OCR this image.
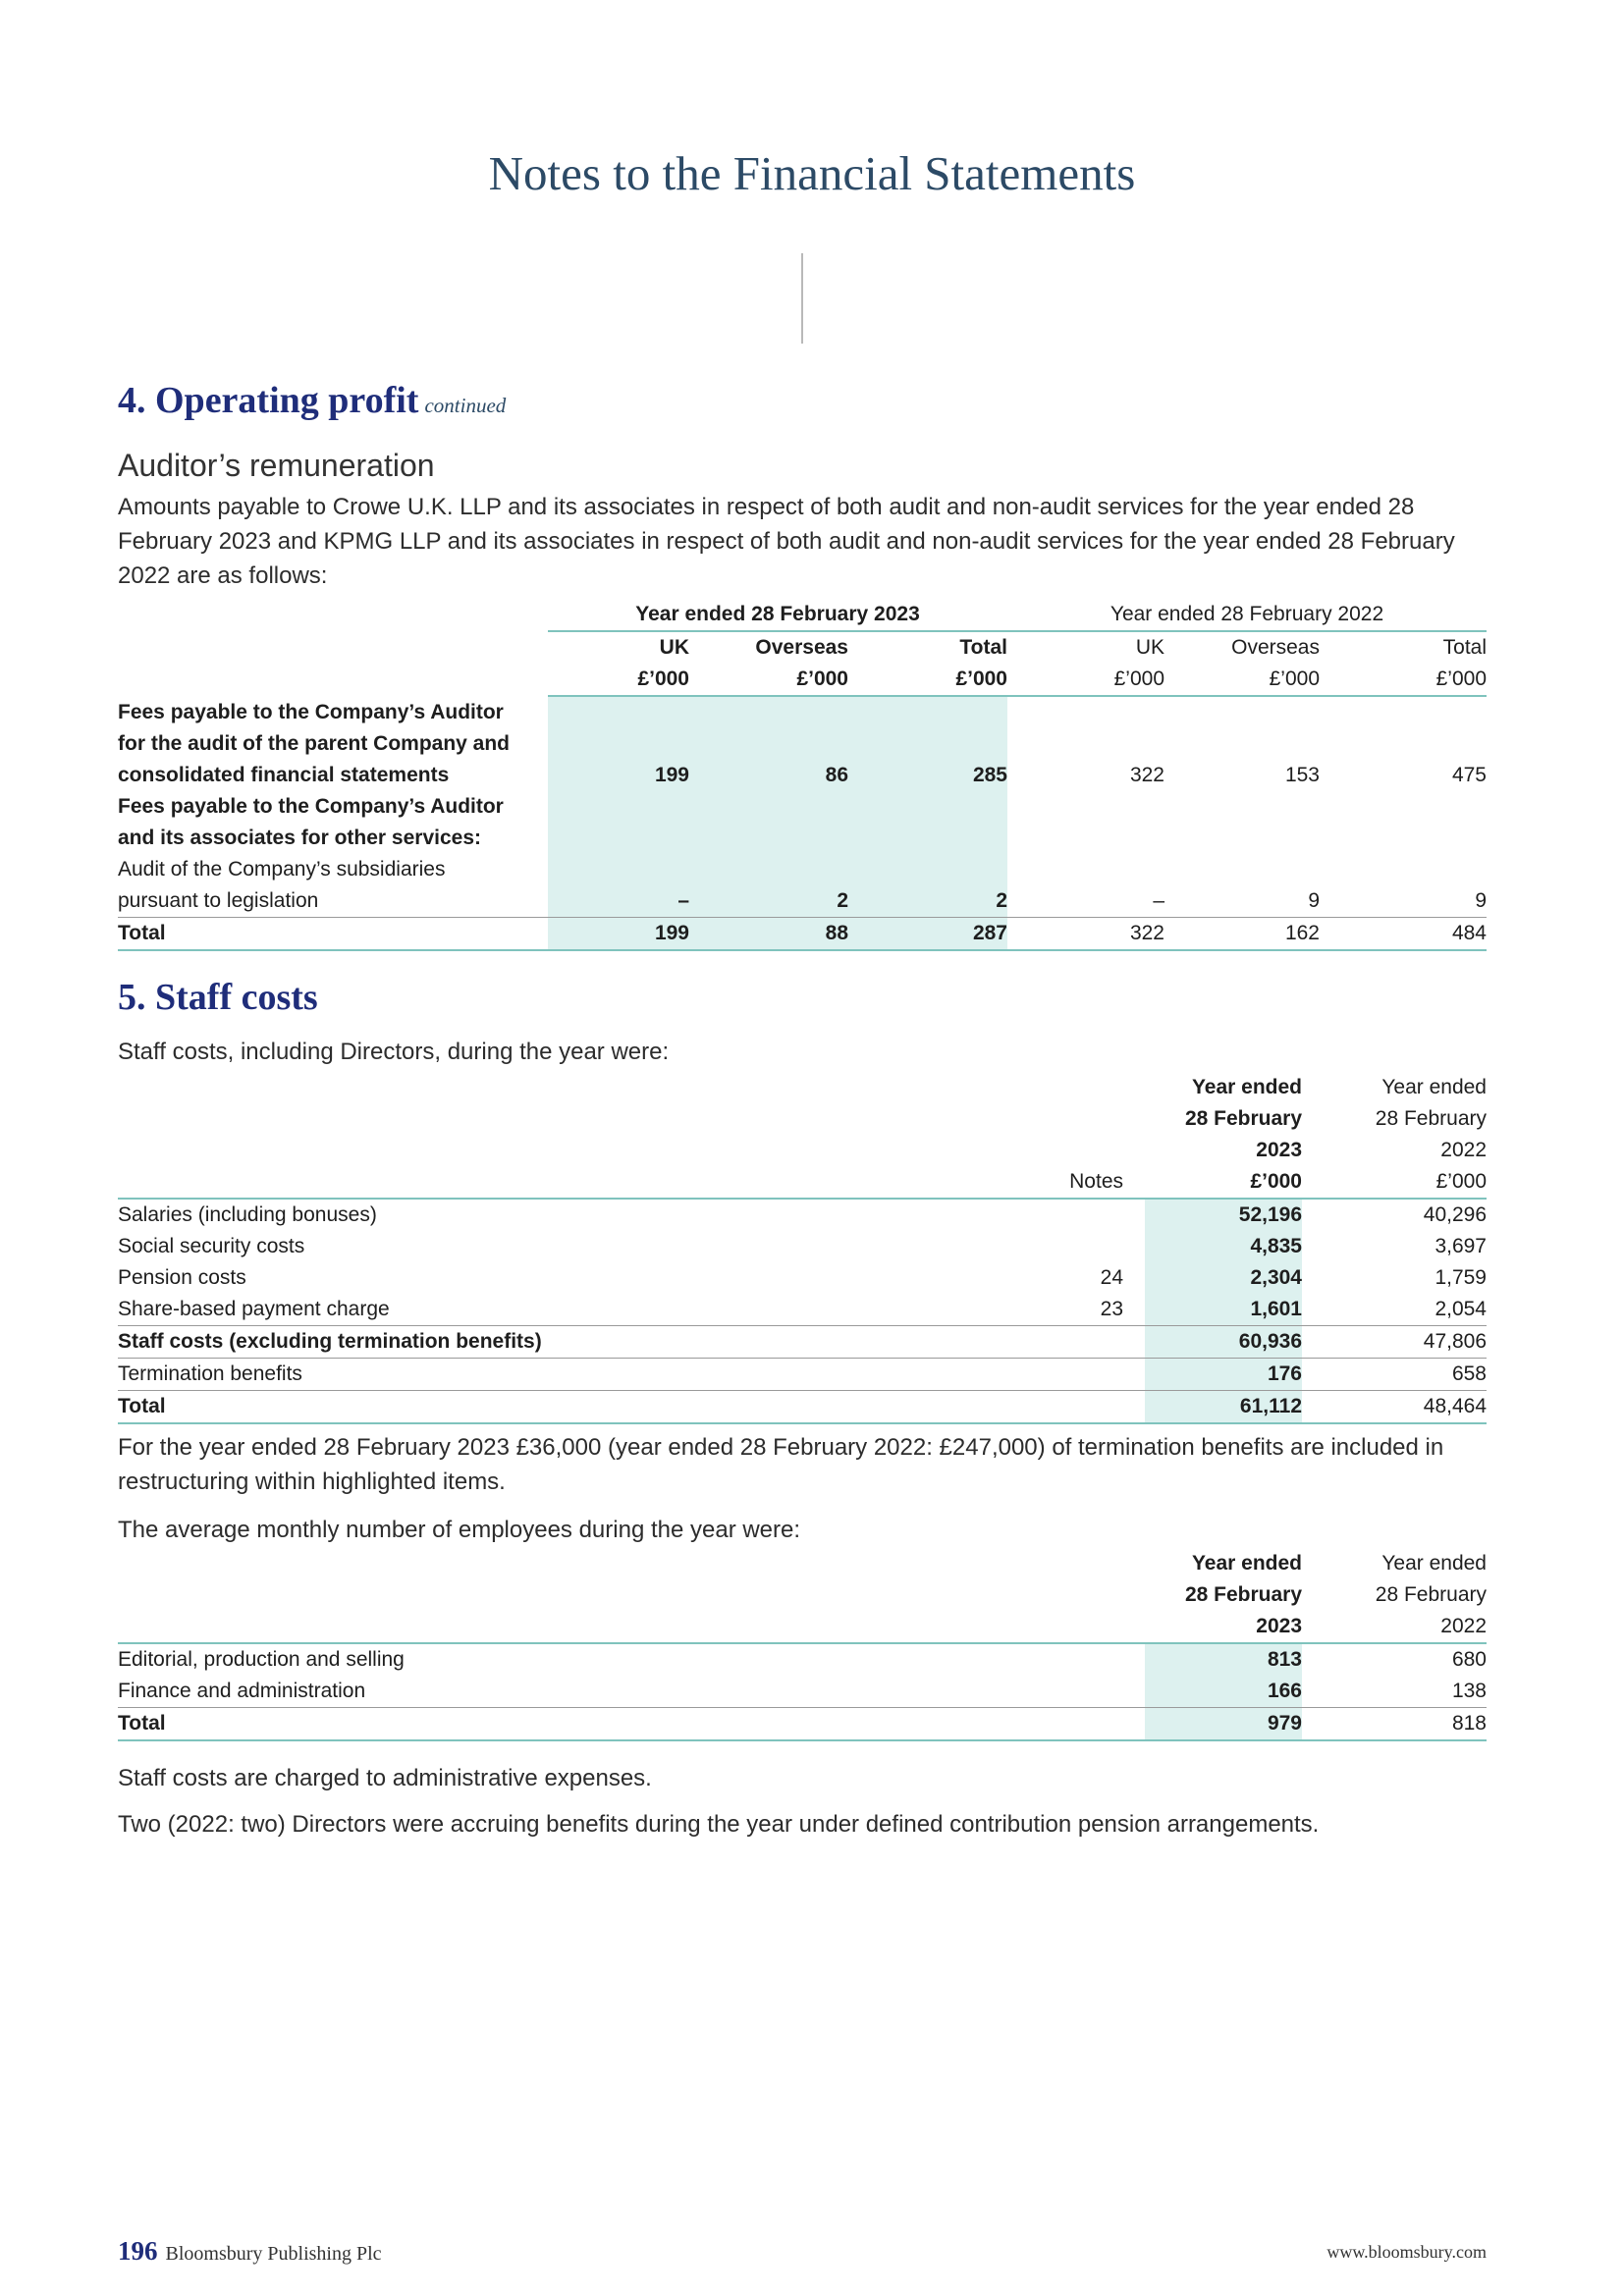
Notes to the Financial Statements
4. Operating profit continued
Auditor’s remuneration

Amounts payable to Crowe U.K. LLP and its associates in respect of both audit and non-audit services for the year ended 28 February 2023 and KPMG LLP and its associates in respect of both audit and non-audit services for the year ended 28 February 2022 are as follows:

	Year ended 28 February 2023			Year ended 28 February 2022		
	UK	Overseas	Total	UK	Overseas	Total
	£’000	£’000	£’000	£’000	£’000	£’000
Fees payable to the Company’s Auditor						
for the audit of the parent Company and						
consolidated financial statements	199	86	285	322	153	475
Fees payable to the Company’s Auditor						
and its associates for other services:						
Audit of the Company’s subsidiaries						
pursuant to legislation	–	2	2	–	9	9
Total	199	88	287	322	162	484
5. Staff costs

Staff costs, including Directors, during the year were:

		Year ended	Year ended
		28 February	28 February
		2023	2022
Notes		£’000	£’000
Salaries (including bonuses)		52,196	40,296
Social security costs		4,835	3,697
Pension costs 24		2,304	1,759
Share-based payment charge 23		1,601	2,054
Staff costs (excluding termination benefits)		60,936	47,806
Termination benefits		176	658
Total		61,112	48,464

For the year ended 28 February 2023 £36,000 (year ended 28 February 2022: £247,000) of termination benefits are included in restructuring within highlighted items.

The average monthly number of employees during the year were:

	Year ended	Year ended
	28 February	28 February
	2023	2022
Editorial, production and selling	813	680
Finance and administration	166	138
Total	979	818

Staff costs are charged to administrative expenses.

Two (2022: two) Directors were accruing benefits during the year under defined contribution pension arrangements.

196 Bloomsbury Publishing Plc	www.bloomsbury.com
